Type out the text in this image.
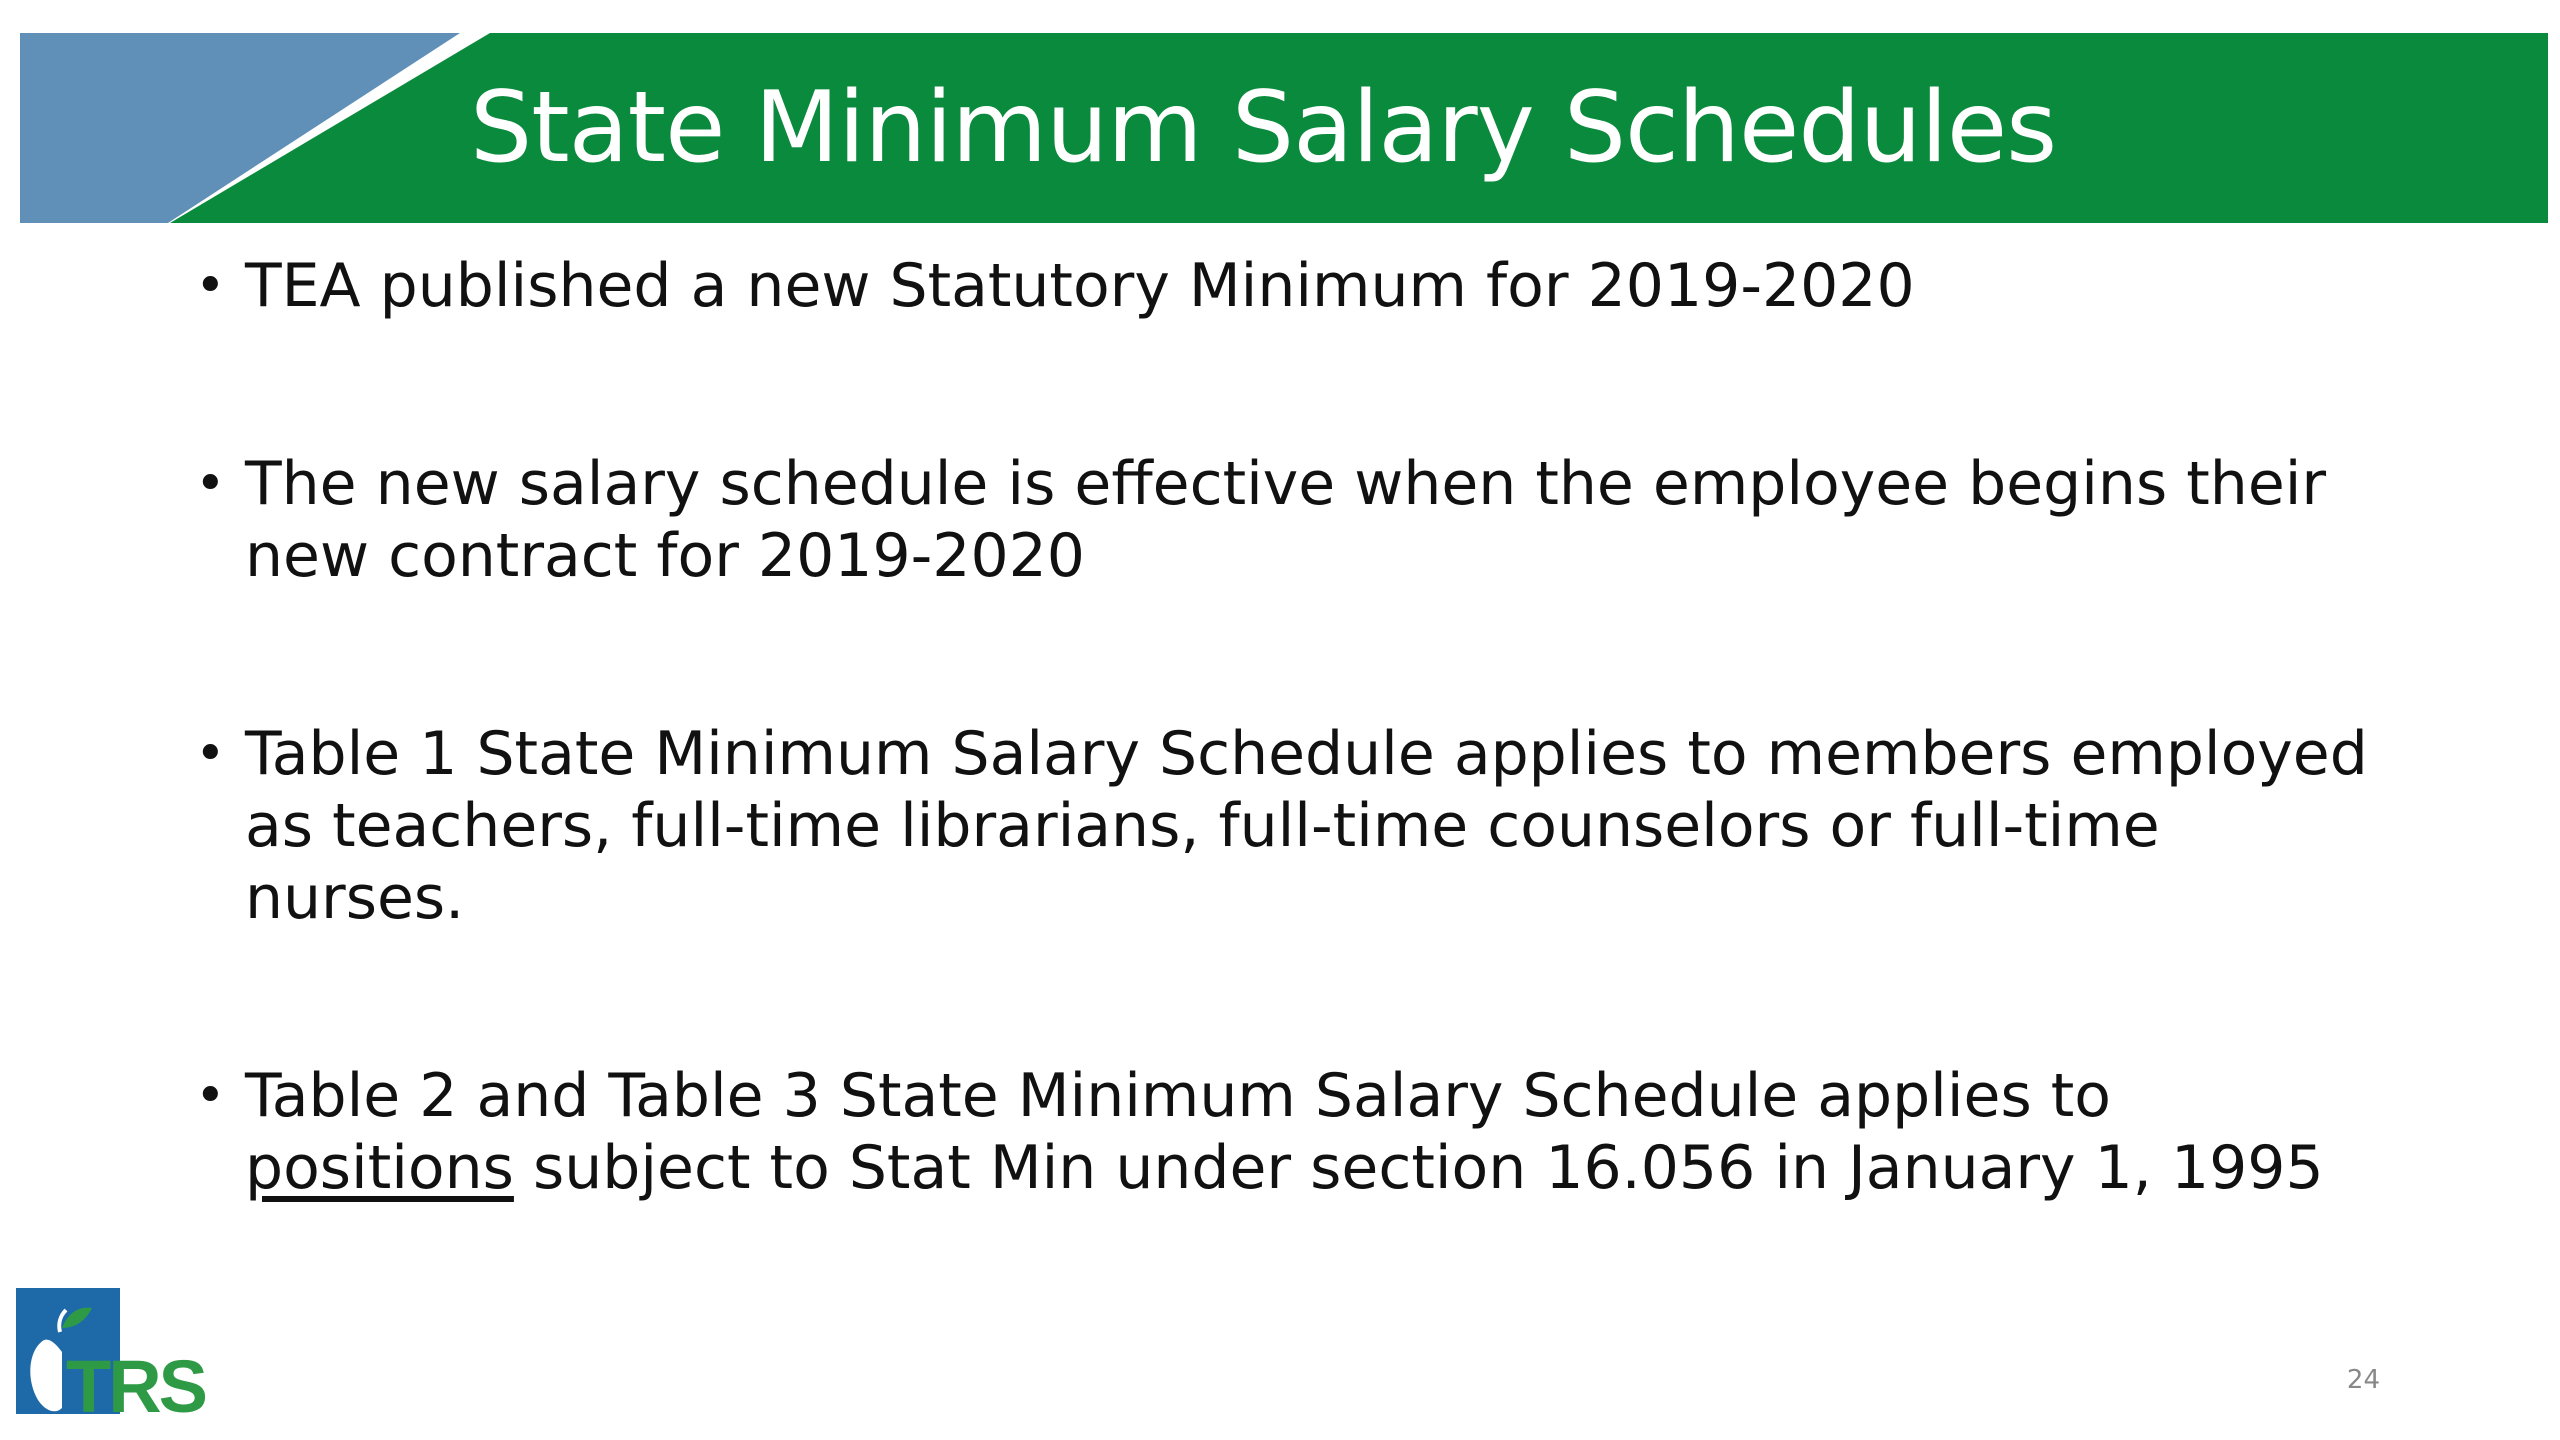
State Minimum Salary Schedules
• TEA published a new Statutory Minimum for 2019-2020
• The new salary schedule is effective when the employee begins their new contract for 2019-2020
• Table 1 State Minimum Salary Schedule applies to members employed as teachers, full-time librarians, full-time counselors or full-time nurses.
• Table 2 and Table 3 State Minimum Salary Schedule applies to positions subject to Stat Min under section 16.056 in January 1, 1995
TRS	24
